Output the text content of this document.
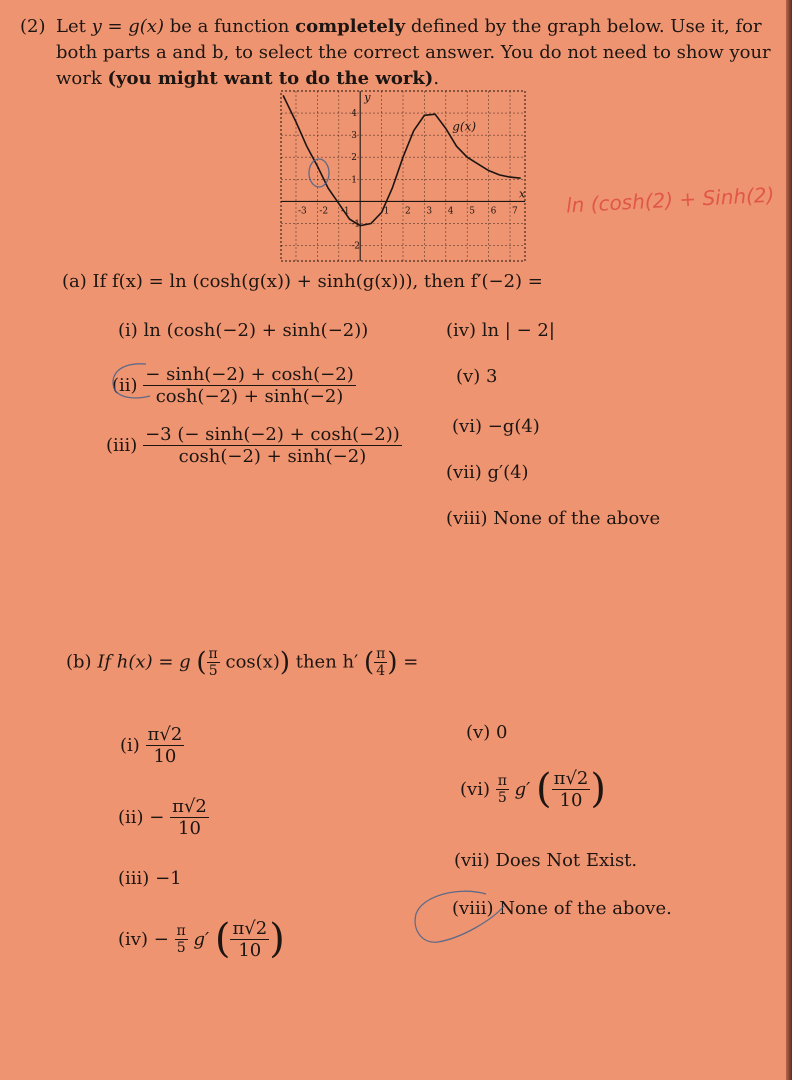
(2) Let y = g(x) be a function completely defined by the graph below. Use it, for both parts a and b, to select the correct answer. You do not need to show your work (you might want to do the work).
-3 -2 -1	1 2 3 4 5 6 7
4
3
2
1
-1
-2
g(x)
x
y
ln (cosh(2) + Sinh(2)
(a) If f(x) = ln (cosh(g(x)) + sinh(g(x))), then f′(−2) =
(i) ln (cosh(−2) + sinh(−2))
$(ii) \frac{- \sinh(-2) + \cosh(-2)}{\cosh(-2) + \sinh(-2)}$
$(iii) \frac{-3 (- \sinh(-2) + \cosh(-2))}{\cosh(-2) + \sinh(-2)}$
(iv) ln | − 2|
(v) 3
(vi) −g(4)
(vii) g′(4)
(viii) None of the above
(b) If h(x) = g ( $\frac{\pi}{5} \cos(x)$) then h′ ( $\frac{\pi}{4}$ ) =
$(i) \frac{\pi√2}{10}$
$(ii) - \frac{\pi√2}{10}$
(iii) −1
$(iv) - \frac{\pi}{5} g'$ ( $\frac{\pi√2}{10}$ )
(v) 0
$(vi) \frac{\pi}{5} g'$ ( $\frac{\pi√2}{10}$ )
(vii) Does Not Exist.
(viii) None of the above.
